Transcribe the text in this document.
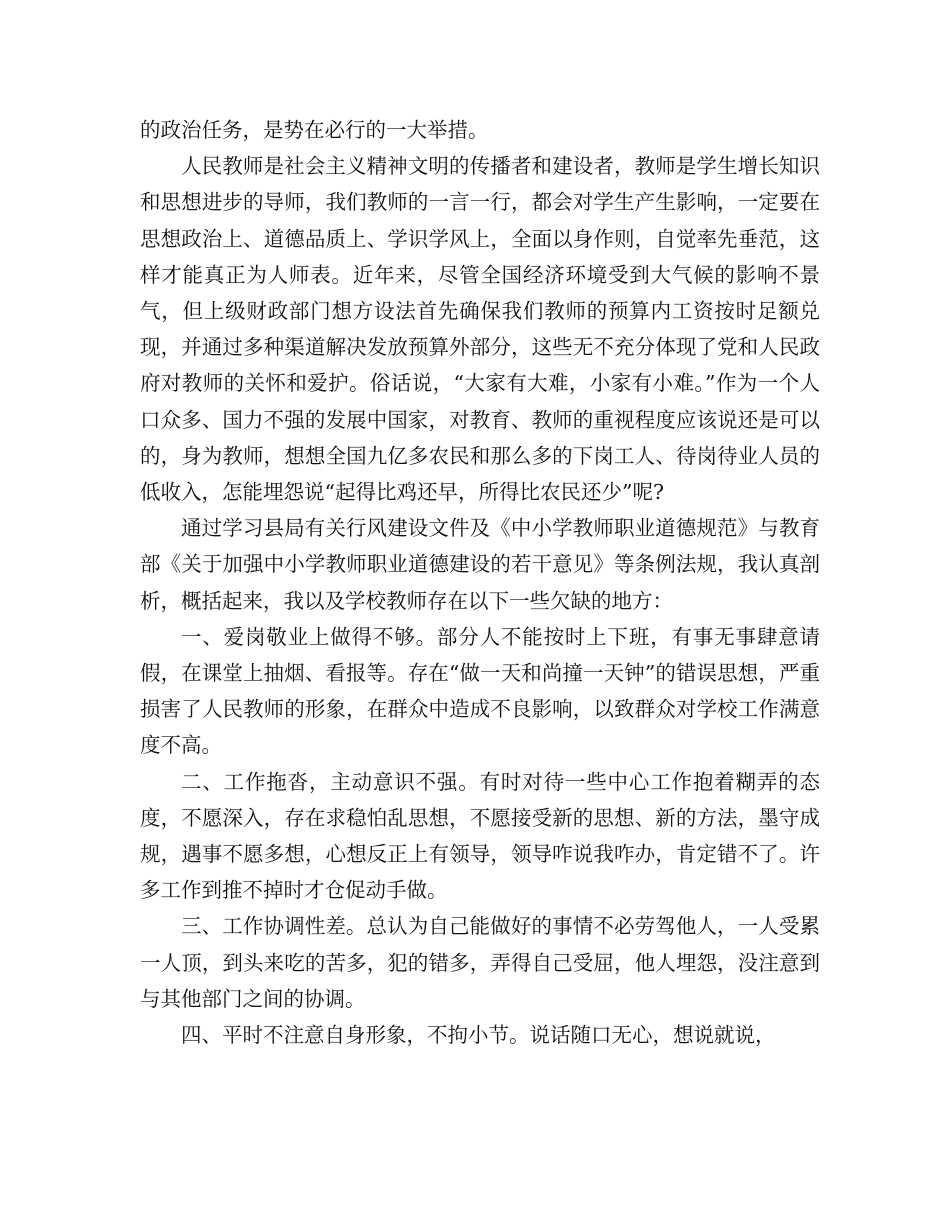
的政治任务，是势在必行的一大举措。

人民教师是社会主义精神文明的传播者和建设者，教师是学生增长知识和思想进步的导师，我们教师的一言一行，都会对学生产生影响，一定要在思想政治上、道德品质上、学识学风上，全面以身作则，自觉率先垂范，这样才能真正为人师表。近年来，尽管全国经济环境受到大气候的影响不景气，但上级财政部门想方设法首先确保我们教师的预算内工资按时足额兑现，并通过多种渠道解决发放预算外部分，这些无不充分体现了党和人民政府对教师的关怀和爱护。俗话说，“大家有大难，小家有小难。”作为一个人口众多、国力不强的发展中国家，对教育、教师的重视程度应该说还是可以的，身为教师，想想全国九亿多农民和那么多的下岗工人、待岗待业人员的低收入，怎能埋怨说“起得比鸡还早，所得比农民还少”呢?

通过学习县局有关行风建设文件及《中小学教师职业道德规范》与教育部《关于加强中小学教师职业道德建设的若干意见》等条例法规，我认真剖析，概括起来，我以及学校教师存在以下一些欠缺的地方：

一、爱岗敬业上做得不够。部分人不能按时上下班，有事无事肆意请假，在课堂上抽烟、看报等。存在“做一天和尚撞一天钟”的错误思想，严重损害了人民教师的形象，在群众中造成不良影响，以致群众对学校工作满意度不高。

二、工作拖沓，主动意识不强。有时对待一些中心工作抱着糊弄的态度，不愿深入，存在求稳怕乱思想，不愿接受新的思想、新的方法，墨守成规，遇事不愿多想，心想反正上有领导，领导咋说我咋办，肯定错不了。许多工作到推不掉时才仓促动手做。

三、工作协调性差。总认为自己能做好的事情不必劳驾他人，一人受累一人顶，到头来吃的苦多，犯的错多，弄得自己受屈，他人埋怨，没注意到与其他部门之间的协调。

四、平时不注意自身形象，不拘小节。说话随口无心，想说就说，
